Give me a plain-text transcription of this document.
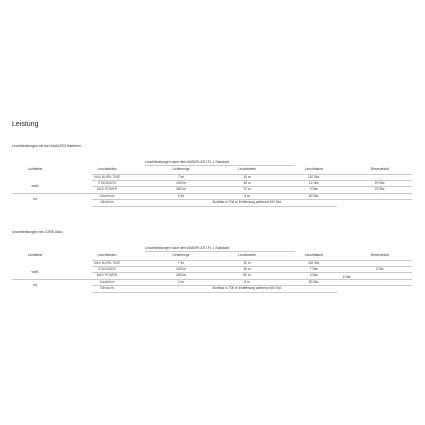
Leistung
Leuchtleistungen mit drei AAA/LR03 Batterien
Leuchtleistungen nach dem ANSI/PLATO FL 1 Standard
Lichtfarbe	Leuchtstufen	Lichtmenge	Leuchtweite	Leuchtdauer	Reservelicht
MAX BURN TIME	7 lm	10 m	110 Std.	-
weiß
STANDARD	100 lm	45 m	12 Std.	20 Std.
MAX POWER	350 lm	70 m	3 Std.	20 Std.
rot
Dauerlicht	2 lm	5 m	60 Std.	-
Blinklicht	Sichtbar in 700 m Entfernung während 400 Std.
Leuchtleistungen mit CORE-Akku
Leuchtleistungen nach dem ANSI/PLATO FL 1 Standard
Lichtfarbe	Leuchtstufen	Lichtmenge	Leuchtweite	Leuchtdauer	Reservelicht
MAX BURN TIME	7 lm	10 m	110 Std.	-
weiß
STANDARD	100 lm	45 m	7 Std.	2 Std.
MAX POWER	450 lm	80 m	2 Std.	2 Std.
rot
Dauerlicht	2 lm	5 m	50 Std.	-
Blinklicht	Sichtbar in 700 m Entfernung während 400 Std.
